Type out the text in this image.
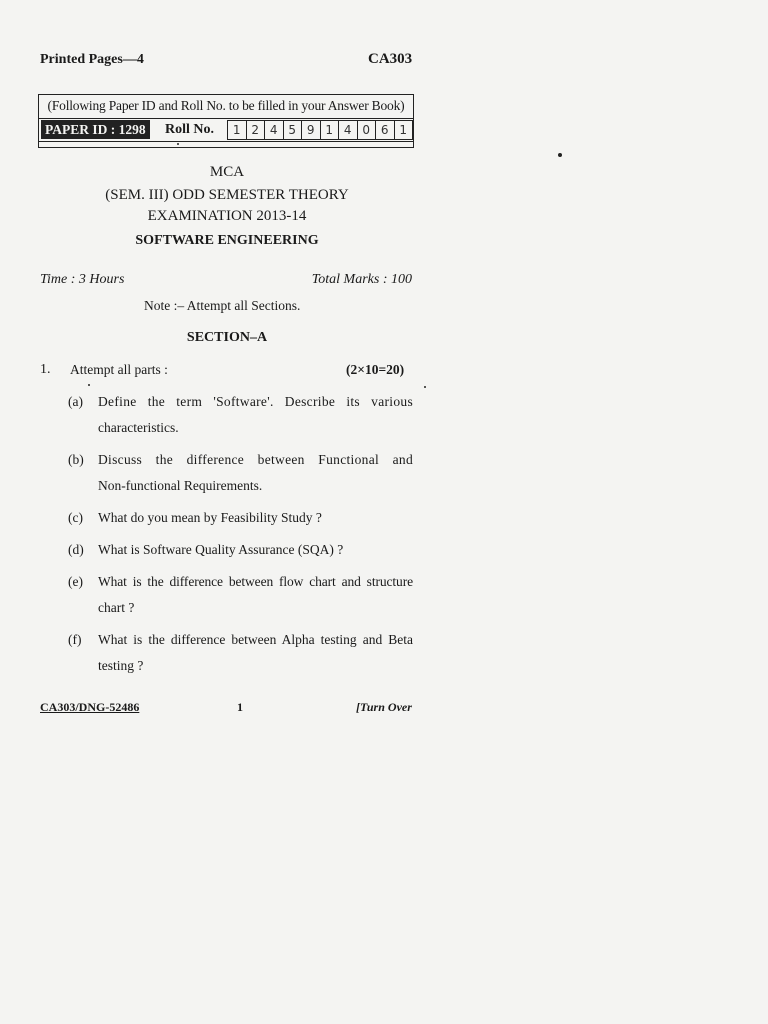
Printed Pages—4	CA303
(Following Paper ID and Roll No. to be filled in your Answer Book)
PAPER ID : 1298 Roll No.	1 2 4 5 9 1 4 0 6 1
MCA
(SEM. III) ODD SEMESTER THEORY
EXAMINATION 2013-14
SOFTWARE ENGINEERING
Time : 3 Hours	Total Marks : 100
Note :– Attempt all Sections.
SECTION–A
1. Attempt all parts :	(2×10=20)
(a) Define the term 'Software'. Describe its various
characteristics.
(b) Discuss the difference between Functional and
Non-functional Requirements.
(c) What do you mean by Feasibility Study ?
(d) What is Software Quality Assurance (SQA) ?
(e) What is the difference between flow chart and structure
chart ?
(f) What is the difference between Alpha testing and Beta
testing ?
CA303/DNG-52486	1	[Turn Over
